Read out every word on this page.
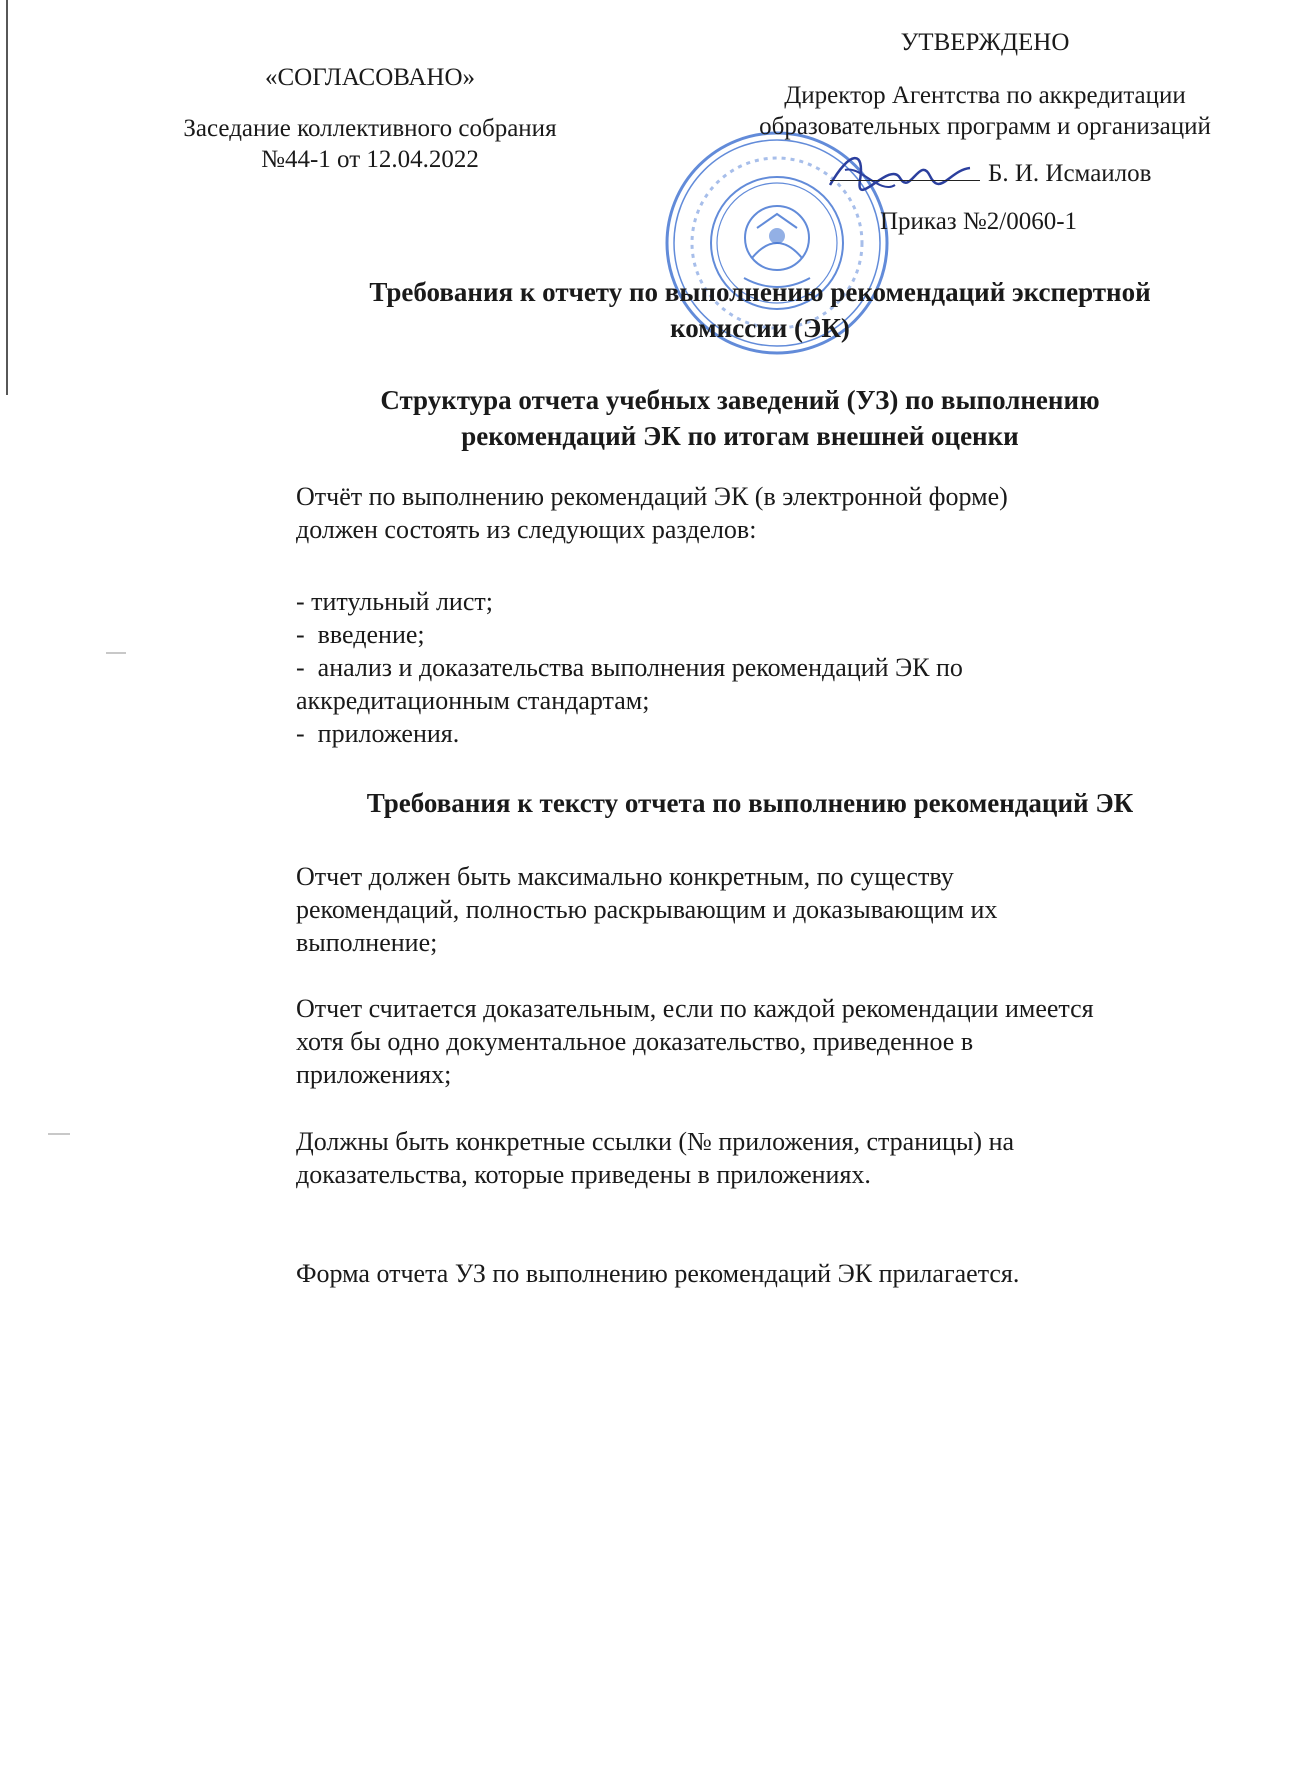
«СОГЛАСОВАНО»
Заседание коллективного собрания
№44-1 от 12.04.2022
УТВЕРЖДЕНО
Директор Агентства по аккредитации
образовательных программ и организаций
Б. И. Исмаилов
Приказ №2/0060-1
Требования к отчету по выполнению рекомендаций экспертной
комиссии (ЭК)
Структура отчета учебных заведений (УЗ) по выполнению
рекомендаций ЭК по итогам внешней оценки
Отчёт по выполнению рекомендаций ЭК (в электронной форме)
должен состоять из следующих разделов:
- титульный лист;
-  введение;
-  анализ и доказательства выполнения рекомендаций ЭК по
аккредитационным стандартам;
-  приложения.
Требования к тексту отчета по выполнению рекомендаций ЭК
Отчет должен быть максимально конкретным, по существу
рекомендаций, полностью раскрывающим и доказывающим их
выполнение;
Отчет считается доказательным, если по каждой рекомендации имеется
хотя бы одно документальное доказательство, приведенное в
приложениях;
Должны быть конкретные ссылки (№ приложения, страницы) на
доказательства, которые приведены в приложениях.
Форма отчета УЗ по выполнению рекомендаций ЭК прилагается.
